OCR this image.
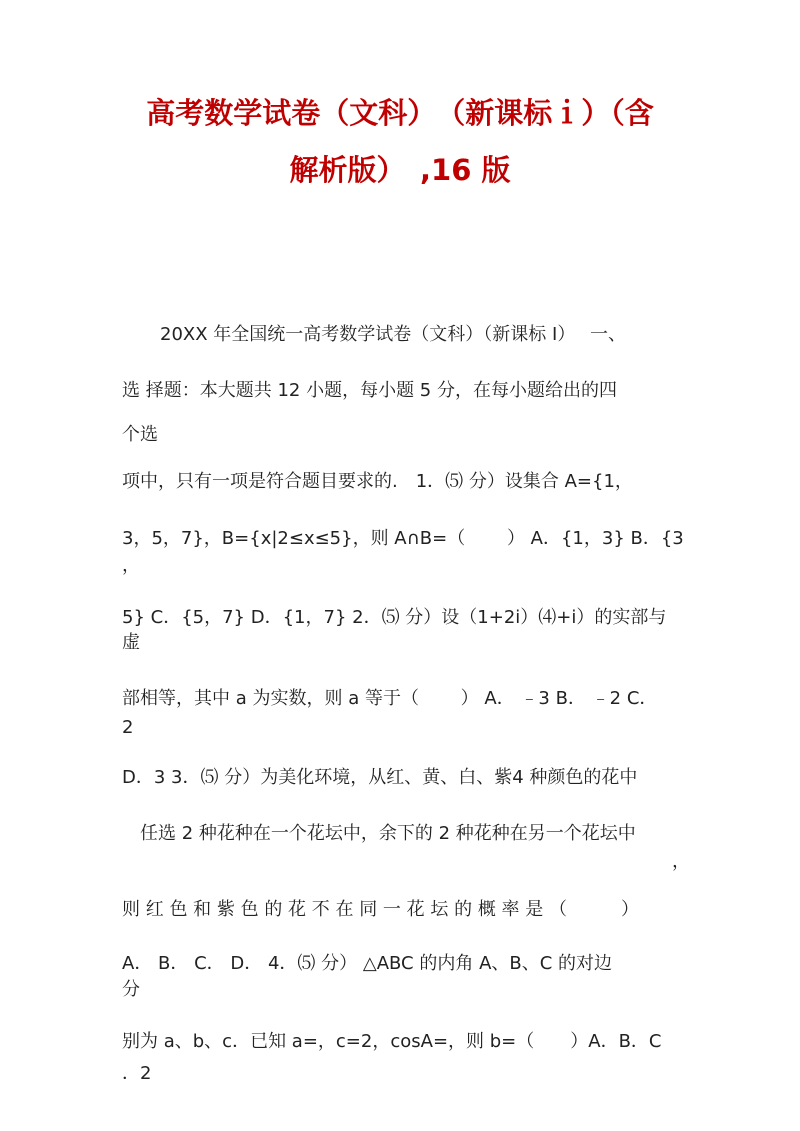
高考数学试卷（文科）　（新课标ｉ）（含
解析版）　,16 版
20XX 年全国统一高考数学试卷（文科）（新课标 I）　 一、
选 择题：本大题共 12 小题，每小题 5 分，在每小题给出的四
个选
项中，只有一项是符合题目要求的.　1．⑸ 分）设集合 A={1，
3，5，7}，B={x|2≤x≤5}，则 A∩B=（　　 ） A．{1，3} B．{3
，
5} C．{5，7} D．{1，7} 2．⑸ 分）设（1+2i）⑷+i）的实部与
虚
部相等，其中 a 为实数，则 a 等于（　　 ） A． ﹣3 B． ﹣2 C．
2
D．3 3．⑸ 分）为美化环境，从红、黄、白、紫4 种颜色的花中
任选 2 种花种在一个花坛中，余下的 2 种花种在另一个花坛中
，
则 红 色 和 紫 色 的 花 不 在 同 一 花 坛 的 概 率 是 （　　　）
A． B． C． D． 4．⑸ 分） △ABC 的内角 A、B、C 的对边
分
别为 a、b、c．已知 a=，c=2，cosA=，则 b=（　　）A．B．C
．2
